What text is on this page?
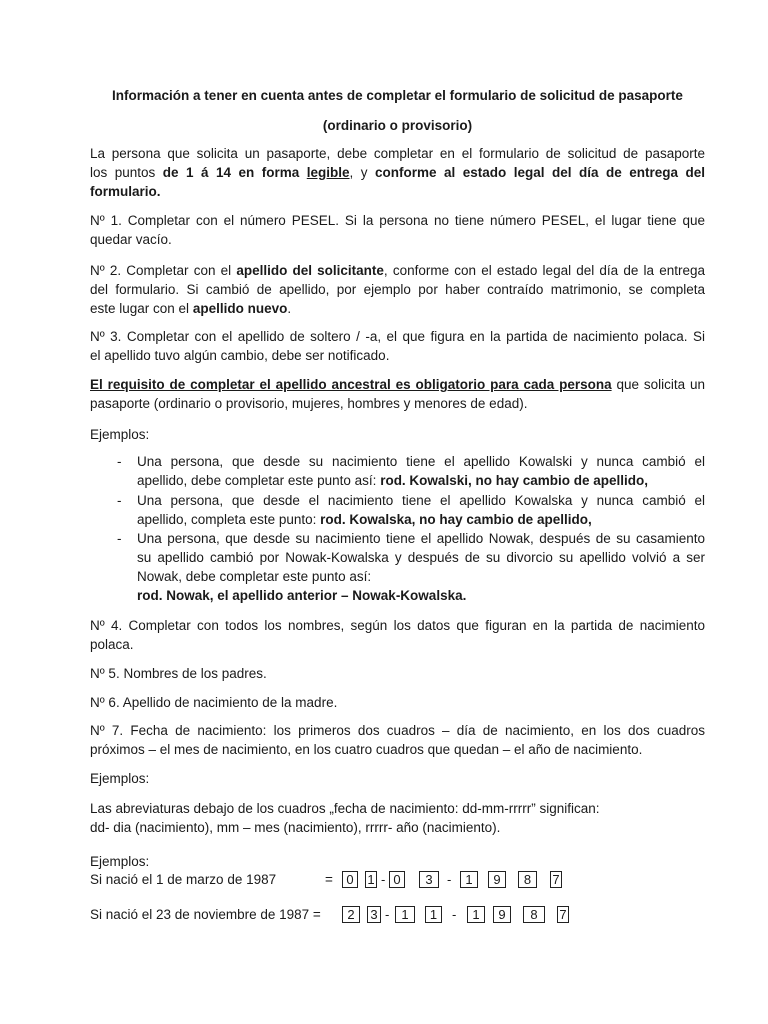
Información a tener en cuenta antes de completar el formulario de solicitud de pasaporte
(ordinario o provisorio)
La persona que solicita un pasaporte, debe completar en el formulario de solicitud de pasaporte
los puntos de 1 á 14 en forma legible, y conforme al estado legal del día de entrega del
formulario.
Nº 1. Completar con el número PESEL. Si la persona no tiene número PESEL, el lugar tiene que
quedar vacío.
Nº 2. Completar con el apellido del solicitante, conforme con el estado legal del día de la entrega
del formulario. Si cambió de apellido, por ejemplo por haber contraído matrimonio, se completa
este lugar con el apellido nuevo.
Nº 3. Completar con el apellido de soltero / -a, el que figura en la partida de nacimiento polaca. Si
el apellido tuvo algún cambio, debe ser notificado.
El requisito de completar el apellido ancestral es obligatorio para cada persona que solicita un
pasaporte (ordinario o provisorio, mujeres, hombres y menores de edad).
Ejemplos:
- Una persona, que desde su nacimiento tiene el apellido Kowalski y nunca cambió el
apellido, debe completar este punto así: rod. Kowalski, no hay cambio de apellido,
- Una persona, que desde el nacimiento tiene el apellido Kowalska y nunca cambió el
apellido, completa este punto: rod. Kowalska, no hay cambio de apellido,
- Una persona, que desde su nacimiento tiene el apellido Nowak, después de su casamiento
su apellido cambió por Nowak-Kowalska y después de su divorcio su apellido volvió a ser
Nowak, debe completar este punto así:
rod. Nowak, el apellido anterior – Nowak-Kowalska.
Nº 4. Completar con todos los nombres, según los datos que figuran en la partida de nacimiento
polaca.
Nº 5. Nombres de los padres.
Nº 6. Apellido de nacimiento de la madre.
Nº 7. Fecha de nacimiento: los primeros dos cuadros – día de nacimiento, en los dos cuadros
próximos – el mes de nacimiento, en los cuatro cuadros que quedan – el año de nacimiento.
Ejemplos:
Las abreviaturas debajo de los cuadros „fecha de nacimiento: dd-mm-rrrrr” significan:
dd- dia (nacimiento), mm – mes (nacimiento), rrrrr- año (nacimiento).
Ejemplos:
Si nació el 1 de marzo de 1987	=	0	1 - 0	3	-	1	9	8	7
Si nació el 23 de noviembre de 1987 =	2	3 - 1	1	-	1	9	8	7
